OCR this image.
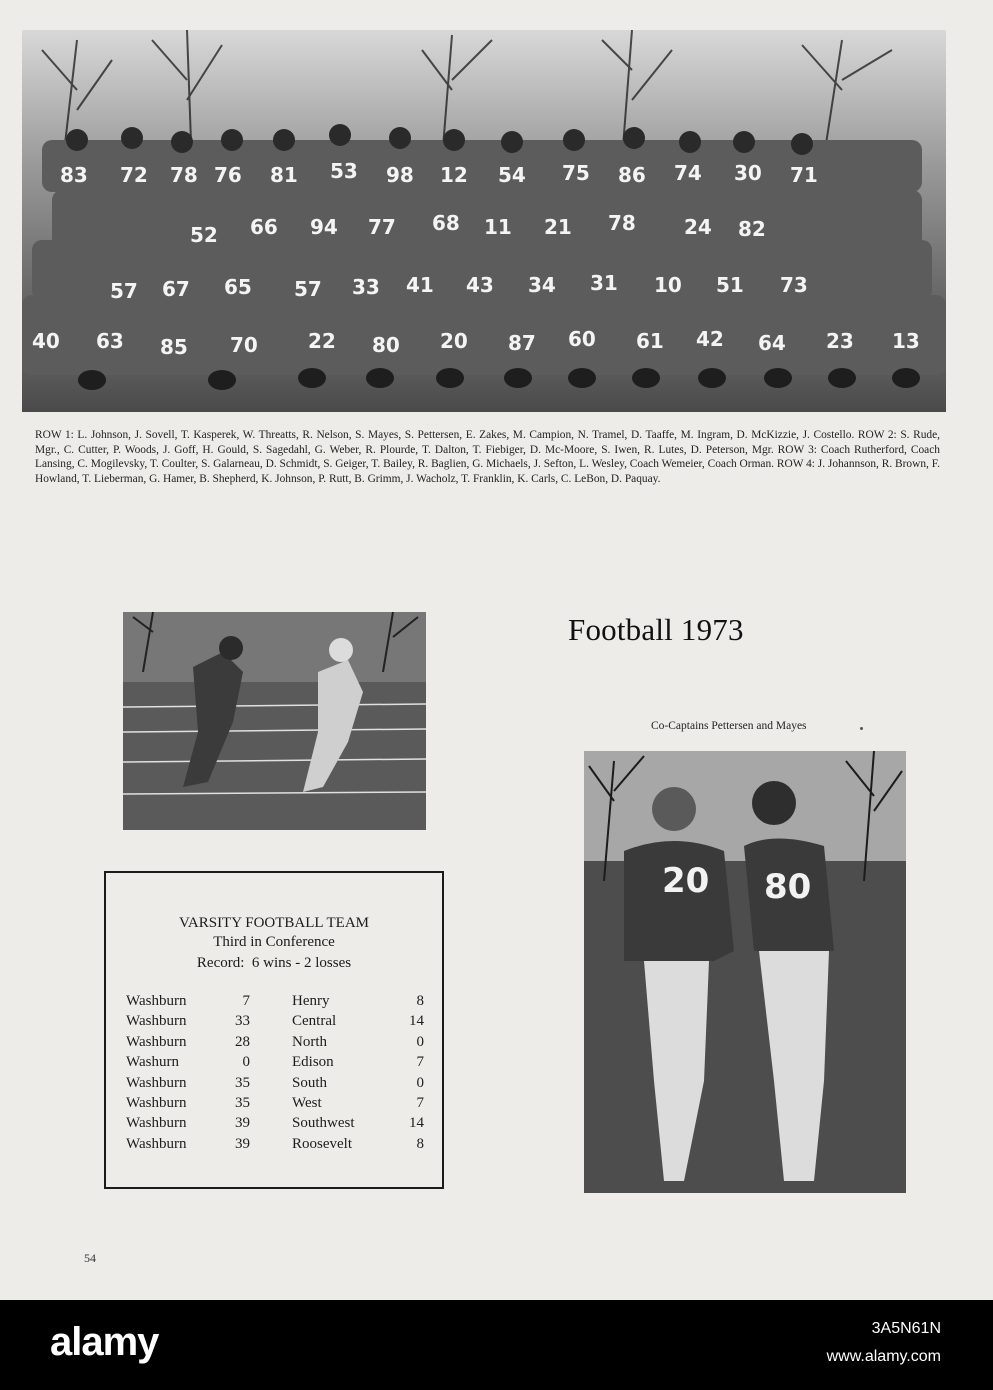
83 72 78 76 81 53 98 12 54 75 86 74 30 71
52 66 94 77 68 11 21 78 24 82
57 67 65 57 33 41 43 34 31 10 51 73
40 63 85 70	22 80 20 87 60 61 42 64 23 13
ROW 1: L. Johnson, J. Sovell, T. Kasperek, W. Threatts, R. Nelson, S. Mayes, S. Pettersen, E. Zakes, M. Campion, N. Tramel, D. Taaffe, M. Ingram, D. McKizzie, J. Costello. ROW 2: S. Rude, Mgr., C. Cutter, P. Woods, J. Goff, H. Gould, S. Sagedahl, G. Weber, R. Plourde, T. Dalton, T. Fiebiger, D. Mc-Moore, S. Iwen, R. Lutes, D. Peterson, Mgr. ROW 3: Coach Rutherford, Coach Lansing, C. Mogilevsky, T. Coulter, S. Galarneau, D. Schmidt, S. Geiger, T. Bailey, R. Baglien, G. Michaels, J. Sefton, L. Wesley, Coach Wemeier, Coach Orman. ROW 4: J. Johannson, R. Brown, F. Howland, T. Lieberman, G. Hamer, B. Shepherd, K. Johnson, P. Rutt, B. Grimm, J. Wacholz, T. Franklin, K. Carls, C. LeBon, D. Paquay.
Football 1973
Co-Captains Pettersen and Mayes
20 80
VARSITY FOOTBALL TEAM
Third in Conference
Record:  6 wins - 2 losses
Washburn	7	Henry	8
Washburn	33	Central	14
Washburn	28	North	0
Washurn	0	Edison	7
Washburn	35	South	0
Washburn	35	West	7
Washburn	39	Southwest	14
Washburn	39	Roosevelt	8
54
alamy	3A5N61N
www.alamy.com
